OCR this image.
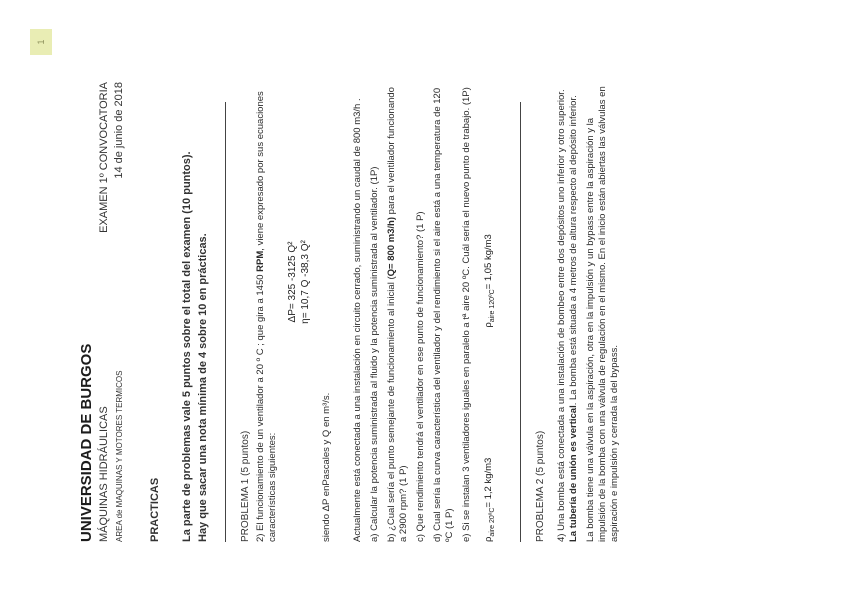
1

UNIVERSIDAD DE BURGOS MÁQUINAS HIDRÁULICAS
EXAMEN 1º CONVOCATORIA
AREA de MAQUINAS Y MOTORES TERMICOS
14 de junio de 2018
PRACTICAS La parte de problemas vale 5 puntos sobre el total del examen (10 puntos). Hay que sacar una nota mínima de 4 sobre 10 en prácticas.	PROBLEMA 1 (5 puntos) 2) El funcionamiento de un ventilador a 20 º C ; que gira a 1450 RPM, viene expresado por sus ecuaciones características siguientes:

ΔP= 325 -3125 Q² η= 10,7 Q -38,3 Q²

siendo ΔP enPascales y Q en m³/s. Actualmente está conectada a una instalación en circuito cerrado, suministrando un caudal de 800 m3/h . a) Calcular la potencia suministrada al fluido y la potencia suministrada al ventilador. (1P) b) ¿Cual sería el punto semejante de funcionamiento al inicial (Q= 800 m3/h) para el ventilador funcionando a 2900 rpm? (1 P) c) Que rendimiento tendrá el ventilador en ese punto de funcionamiento? (1 P) d) Cual sería la curva característica del ventilador y del rendimiento si el aire está a una temperatura de 120 ºC (1 P) e) Si se instalan 3 ventiladores iguales en paralelo a tª aire 20 ºC. Cuál sería el nuevo punto de trabajo. (1P) $\rho_{aire 20ºC}= 1,2$ kg/m3
$\rho_{aire 120ºC}= 1,05$ kg/m3

PROBLEMA 2 (5 puntos) 4) Una bomba está conectada a una instalación de bombeo entre dos depósitos uno inferior y otro superior. La tubería de unión es vertical. La bomba está situada a 4 metros de altura respecto al depósito inferior. La bomba tiene una válvula en la aspiración, otra en la impulsión y un bypass entre la aspiración y la impulsión de la bomba con una válvula de regulación en el mismo. En el inicio están abiertas las válvulas en aspiración e impulsión y cerrada la del bypass.
